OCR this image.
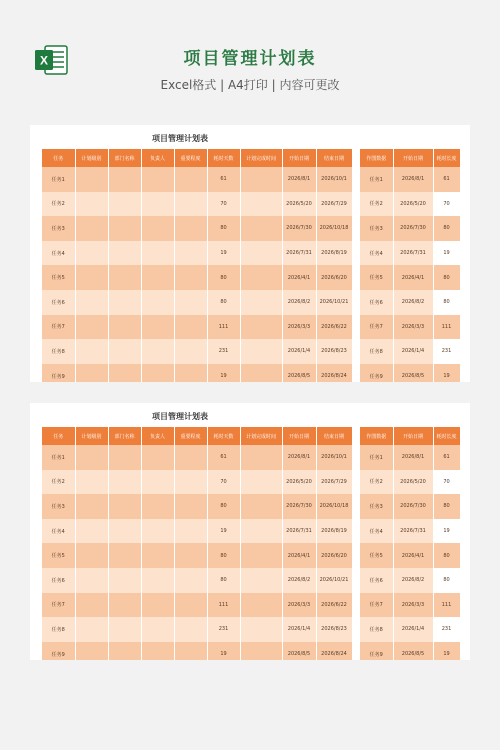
X	项目管理计划表
Excel格式 | A4打印 | 内容可更改
项目管理计划表
任务	计划级别	部门名称	负责人	重要程度	耗时天数	计划完成时间	开始日期	结束日期
任务1					61		2026/8/1	2026/10/1
任务2					70		2026/5/20	2026/7/29
任务3					80		2026/7/30	2026/10/18
任务4					19		2026/7/31	2026/8/19
任务5					80		2026/4/1	2026/6/20
任务6					80		2026/8/2	2026/10/21
任务7					111		2026/3/3	2026/6/22
任务8					231		2026/1/4	2026/8/23
任务9					19		2026/8/5	2026/8/24
作图数据	开始日期	耗时长度
任务1	2026/8/1	61
任务2	2026/5/20	70
任务3	2026/7/30	80
任务4	2026/7/31	19
任务5	2026/4/1	80
任务6	2026/8/2	80
任务7	2026/3/3	111
任务8	2026/1/4	231
任务9	2026/8/5	19
项目管理计划表
任务	计划级别	部门名称	负责人	重要程度	耗时天数	计划完成时间	开始日期	结束日期
任务1					61		2026/8/1	2026/10/1
任务2					70		2026/5/20	2026/7/29
任务3					80		2026/7/30	2026/10/18
任务4					19		2026/7/31	2026/8/19
任务5					80		2026/4/1	2026/6/20
任务6					80		2026/8/2	2026/10/21
任务7					111		2026/3/3	2026/6/22
任务8					231		2026/1/4	2026/8/23
任务9					19		2026/8/5	2026/8/24
作图数据	开始日期	耗时长度
任务1	2026/8/1	61
任务2	2026/5/20	70
任务3	2026/7/30	80
任务4	2026/7/31	19
任务5	2026/4/1	80
任务6	2026/8/2	80
任务7	2026/3/3	111
任务8	2026/1/4	231
任务9	2026/8/5	19
